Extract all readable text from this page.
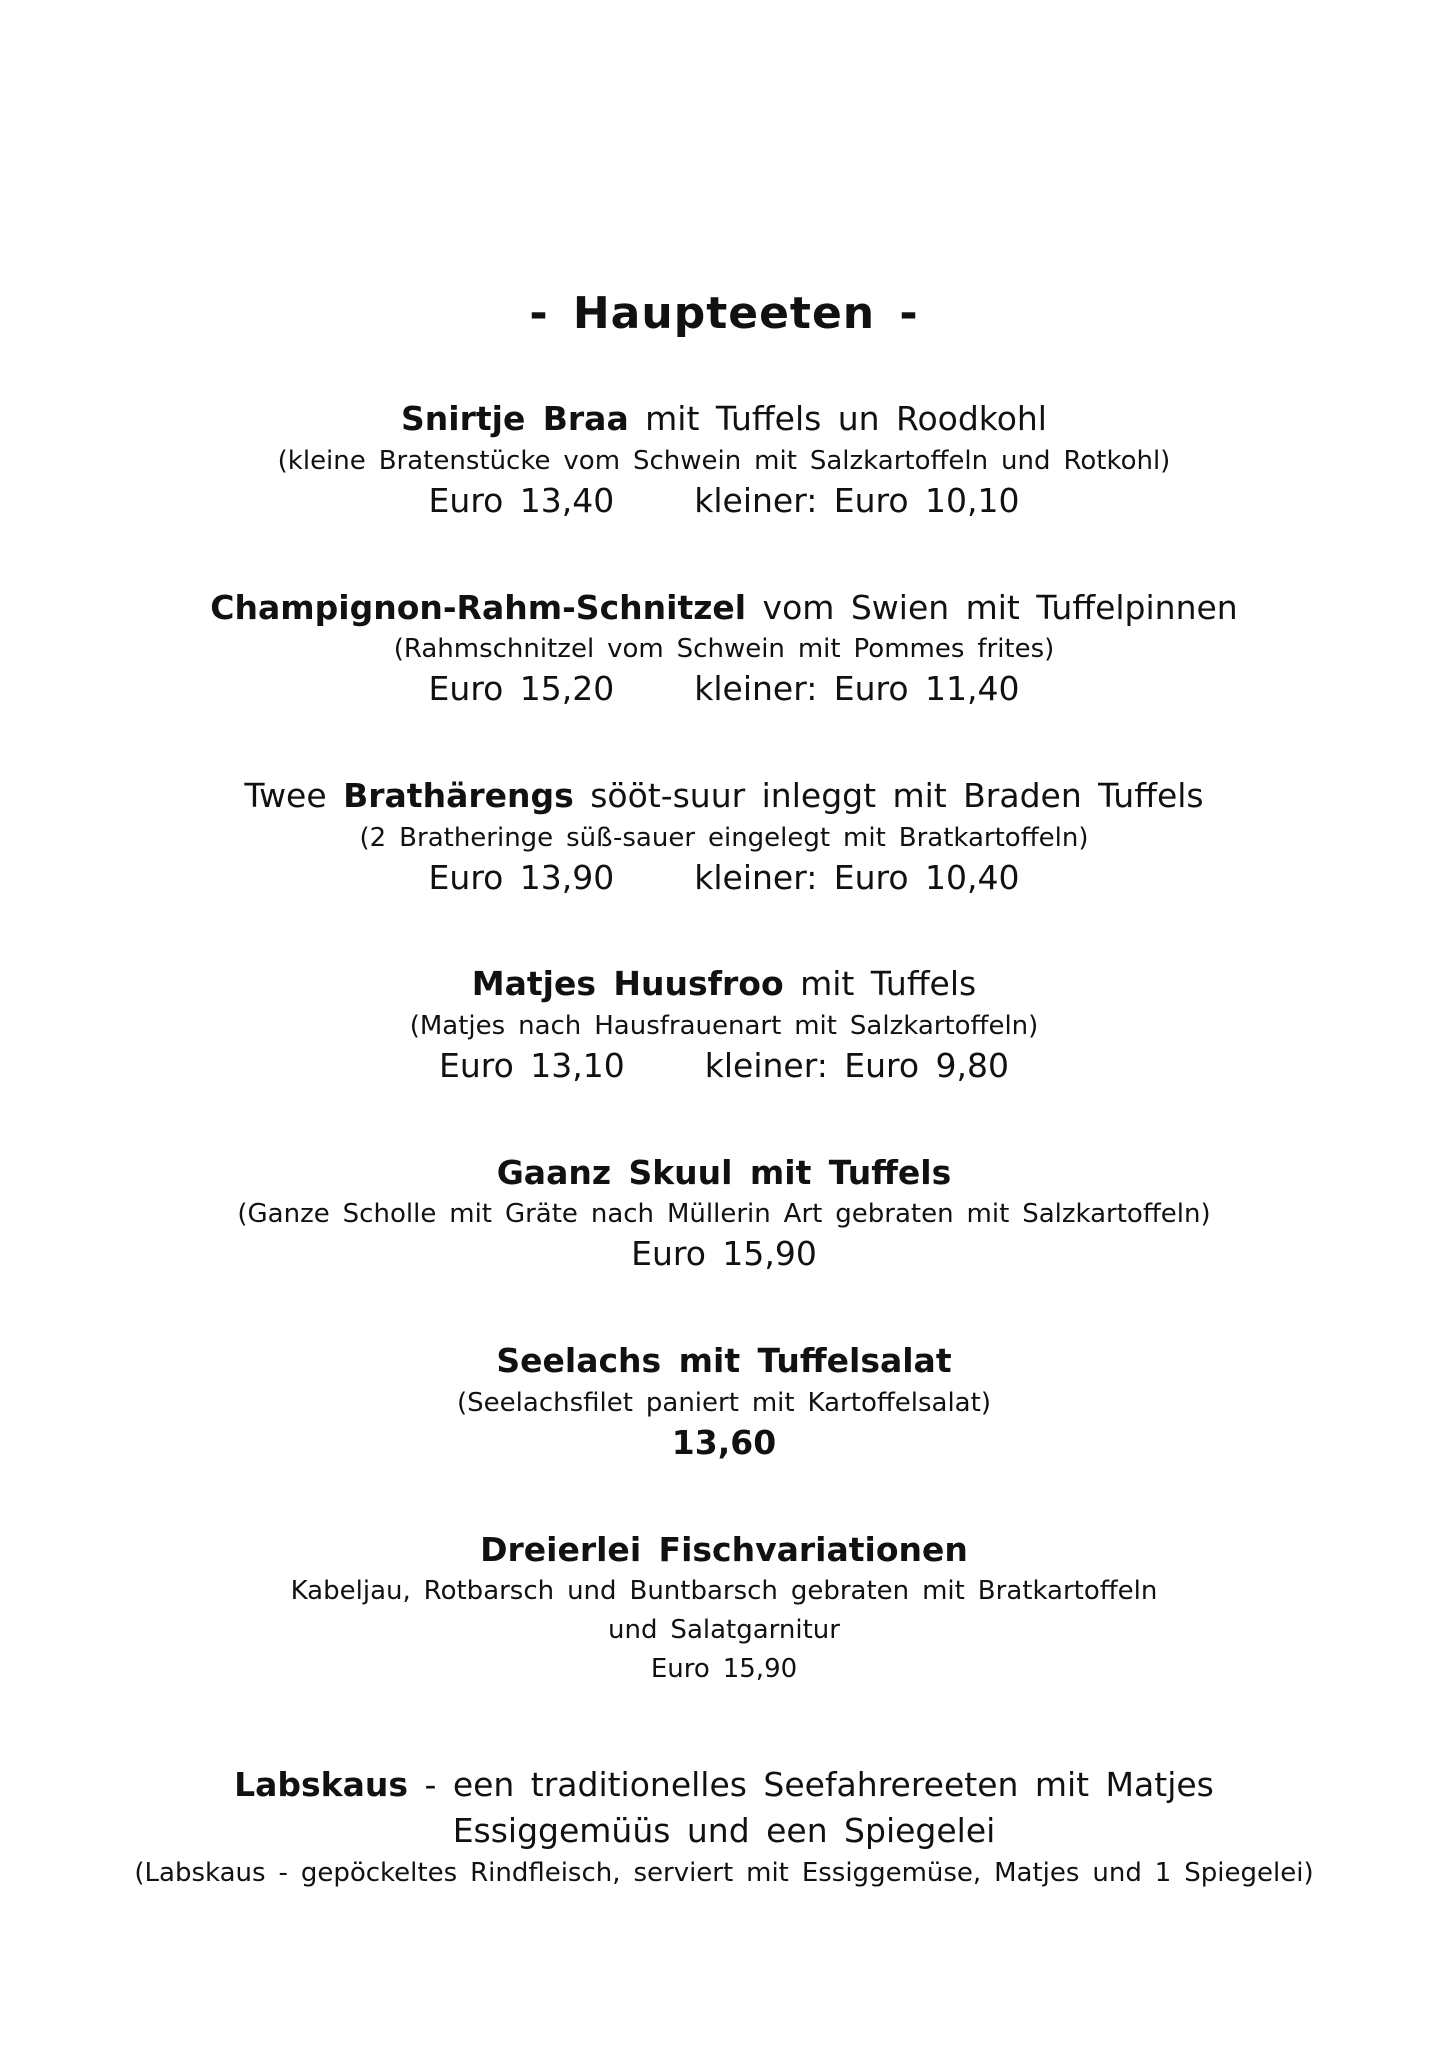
- Haupteeten -
Snirtje Braa mit Tuffels un Roodkohl
(kleine Bratenstücke vom Schwein mit Salzkartoffeln und Rotkohl)
Euro 13,40 kleiner: Euro 10,10
Champignon-Rahm-Schnitzel vom Swien mit Tuffelpinnen
(Rahmschnitzel vom Schwein mit Pommes frites)
Euro 15,20 kleiner: Euro 11,40
Twee Brathärengs sööt-suur inleggt mit Braden Tuffels
(2 Bratheringe süß-sauer eingelegt mit Bratkartoffeln)
Euro 13,90 kleiner: Euro 10,40
Matjes Huusfroo mit Tuffels
(Matjes nach Hausfrauenart mit Salzkartoffeln)
Euro 13,10 kleiner: Euro 9,80
Gaanz Skuul mit Tuffels
(Ganze Scholle mit Gräte nach Müllerin Art gebraten mit Salzkartoffeln)
Euro 15,90
Seelachs mit Tuffelsalat
(Seelachsfilet paniert mit Kartoffelsalat)
13,60
Dreierlei Fischvariationen
Kabeljau, Rotbarsch und Buntbarsch gebraten mit Bratkartoffeln
und Salatgarnitur
Euro 15,90
Labskaus - een traditionelles Seefahrereeten mit Matjes
Essiggemüüs und een Spiegelei
(Labskaus - gepöckeltes Rindfleisch, serviert mit Essiggemüse, Matjes und 1 Spiegelei)
